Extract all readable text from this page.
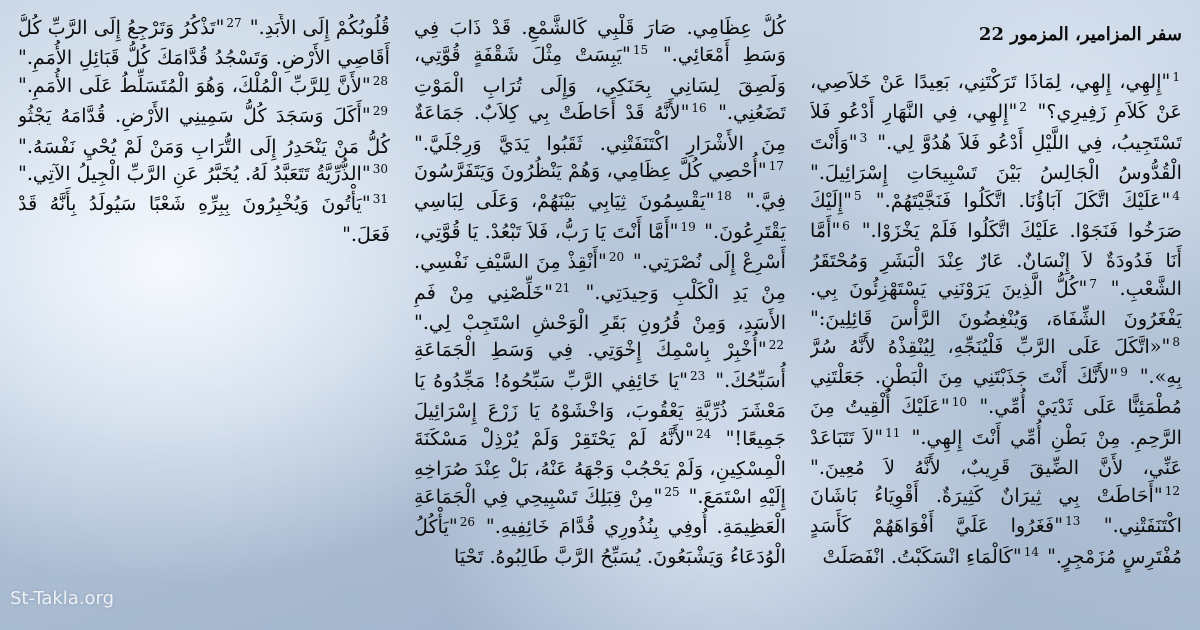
سفر المزامير، المزمور 22
$^1$"إِلهِي، إِلهِي، لِمَاذَا تَرَكْتَنِي، بَعِيدًا عَنْ خَلاَصِي، عَنْ كَلاَمِ زَفِيرِي؟" $^2$"إِلهِي، فِي النَّهَارِ أَدْعُو فَلاَ تَسْتَجِيبُ، فِي اللَّيْلِ أَدْعُو فَلاَ هُدُوَّ لِي." $^3$"وَأَنْتَ الْقُدُّوسُ الْجَالِسُ بَيْنَ تَسْبِيحَاتِ إِسْرَائِيلَ." $^4$"عَلَيْكَ اتَّكَلَ آبَاؤُنَا. اتَّكَلُوا فَنَجَّيْتَهُمْ." $^5$"إِلَيْكَ صَرَخُوا فَنَجَوْا. عَلَيْكَ اتَّكَلُوا فَلَمْ يَخْزَوْا." $^6$"أَمَّا أَنَا فَدُودَةٌ لاَ إِنْسَانٌ. عَارٌ عِنْدَ الْبَشَرِ وَمُحْتَقَرُ الشَّعْبِ." $^7$"كُلُّ الَّذِينَ يَرَوْنَنِي يَسْتَهْزِئُونَ بِي. يَفْغَرُونَ الشِّفَاهَ، وَيُنْغِضُونَ الرَّأْسَ قَائِلِينَ:" $^8$"«اتَّكَلَ عَلَى الرَّبِّ فَلْيُنَجِّهِ، لِيُنْقِذْهُ لأَنَّهُ سُرَّ بِهِ»." $^9$"لأَنَّكَ أَنْتَ جَذَبْتَنِي مِنَ الْبَطْنِ. جَعَلْتَنِي مُطْمَئِنًّا عَلَى ثَدْيَيْ أُمِّي." $^{10}$"عَلَيْكَ أُلْقِيتُ مِنَ الرَّحِمِ. مِنْ بَطْنِ أُمِّي أَنْتَ إِلهِي." $^{11}$"لاَ تَتَبَاعَدْ عَنِّي، لأَنَّ الضِّيقَ قَرِيبٌ، لأَنَّهُ لاَ مُعِينَ." $^{12}$"أَحَاطَتْ بِي ثِيرَانٌ كَثِيرَةٌ. أَقْوِيَاءُ بَاشَانَ اكْتَنَفَتْنِي." $^{13}$"فَغَرُوا عَلَيَّ أَفْوَاهَهُمْ كَأَسَدٍ مُفْتَرِسٍ مُزَمْجِرٍ." $^{14}$"كَالْمَاءِ انْسَكَبْتُ. انْفَصَلَتْ
كُلُّ عِظَامِي. صَارَ قَلْبِي كَالشَّمْعِ. قَدْ ذَابَ فِي وَسَطِ أَمْعَائِي." $^{15}$"يَبِسَتْ مِثْلَ شَقْفَةٍ قُوَّتِي، وَلَصِقَ لِسَانِي بِحَنَكِي، وَإِلَى تُرَابِ الْمَوْتِ تَضَعُنِي." $^{16}$"لأَنَّهُ قَدْ أَحَاطَتْ بِي كِلاَبٌ. جَمَاعَةٌ مِنَ الأَشْرَارِ اكْتَنَفَتْنِي. ثَقَبُوا يَدَيَّ وَرِجْلَيَّ." $^{17}$"أُحْصِي كُلَّ عِظَامِي، وَهُمْ يَنْظُرُونَ وَيَتَفَرَّسُونَ فِيَّ." $^{18}$"يَقْسِمُونَ ثِيَابِي بَيْنَهُمْ، وَعَلَى لِبَاسِي يَقْتَرِعُونَ." $^{19}$"أَمَّا أَنْتَ يَا رَبُّ، فَلاَ تَبْعُدْ. يَا قُوَّتِي، أَسْرِعْ إِلَى نُصْرَتِي." $^{20}$"أَنْقِذْ مِنَ السَّيْفِ نَفْسِي. مِنْ يَدِ الْكَلْبِ وَحِيدَتِي." $^{21}$"خَلِّصْنِي مِنْ فَمِ الأَسَدِ، وَمِنْ قُرُونِ بَقَرِ الْوَحْشِ اسْتَجِبْ لِي." $^{22}$"أُخْبِرْ بِاسْمِكَ إِخْوَتِي. فِي وَسَطِ الْجَمَاعَةِ أُسَبِّحُكَ." $^{23}$"يَا خَائِفِي الرَّبِّ سَبِّحُوهُ! مَجِّدُوهُ يَا مَعْشَرَ ذُرِّيَّةِ يَعْقُوبَ، وَاخْشَوْهُ يَا زَرْعَ إِسْرَائِيلَ جَمِيعًا!" $^{24}$"لأَنَّهُ لَمْ يَحْتَقِرْ وَلَمْ يُرْذِلْ مَسْكَنَةَ الْمِسْكِينِ، وَلَمْ يَحْجُبْ وَجْهَهُ عَنْهُ، بَلْ عِنْدَ صُرَاخِهِ إِلَيْهِ اسْتَمَعَ." $^{25}$"مِنْ قِبَلِكَ تَسْبِيحِي فِي الْجَمَاعَةِ الْعَظِيمَةِ. أُوفِي بِنُذُورِي قُدَّامَ خَائِفِيهِ." $^{26}$"يَأْكُلُ الْوُدَعَاءُ وَيَشْبَعُونَ. يُسَبِّحُ الرَّبَّ طَالِبُوهُ. تَحْيَا
قُلُوبُكُمْ إِلَى الأَبَدِ." $^{27}$"تَذْكُرُ وَتَرْجِعُ إِلَى الرَّبِّ كُلُّ أَقَاصِي الأَرْضِ. وَتَسْجُدُ قُدَّامَكَ كُلُّ قَبَائِلِ الأُمَمِ." $^{28}$"لأَنَّ لِلرَّبِّ الْمُلْكَ، وَهُوَ الْمُتَسَلِّطُ عَلَى الأُمَمِ." $^{29}$"أَكَلَ وَسَجَدَ كُلُّ سَمِينِي الأَرْضِ. قُدَّامَهُ يَجْثُو كُلُّ مَنْ يَنْحَدِرُ إِلَى التُّرَابِ وَمَنْ لَمْ يُحْيِ نَفْسَهُ." $^{30}$"الذُّرِّيَّةُ تَتَعَبَّدُ لَهُ. يُخَبَّرُ عَنِ الرَّبِّ الْجِيلُ الآتِي." $^{31}$"يَأْتُونَ وَيُخْبِرُونَ بِبِرِّهِ شَعْبًا سَيُولَدُ بِأَنَّهُ قَدْ فَعَلَ."
St-Takla.org
